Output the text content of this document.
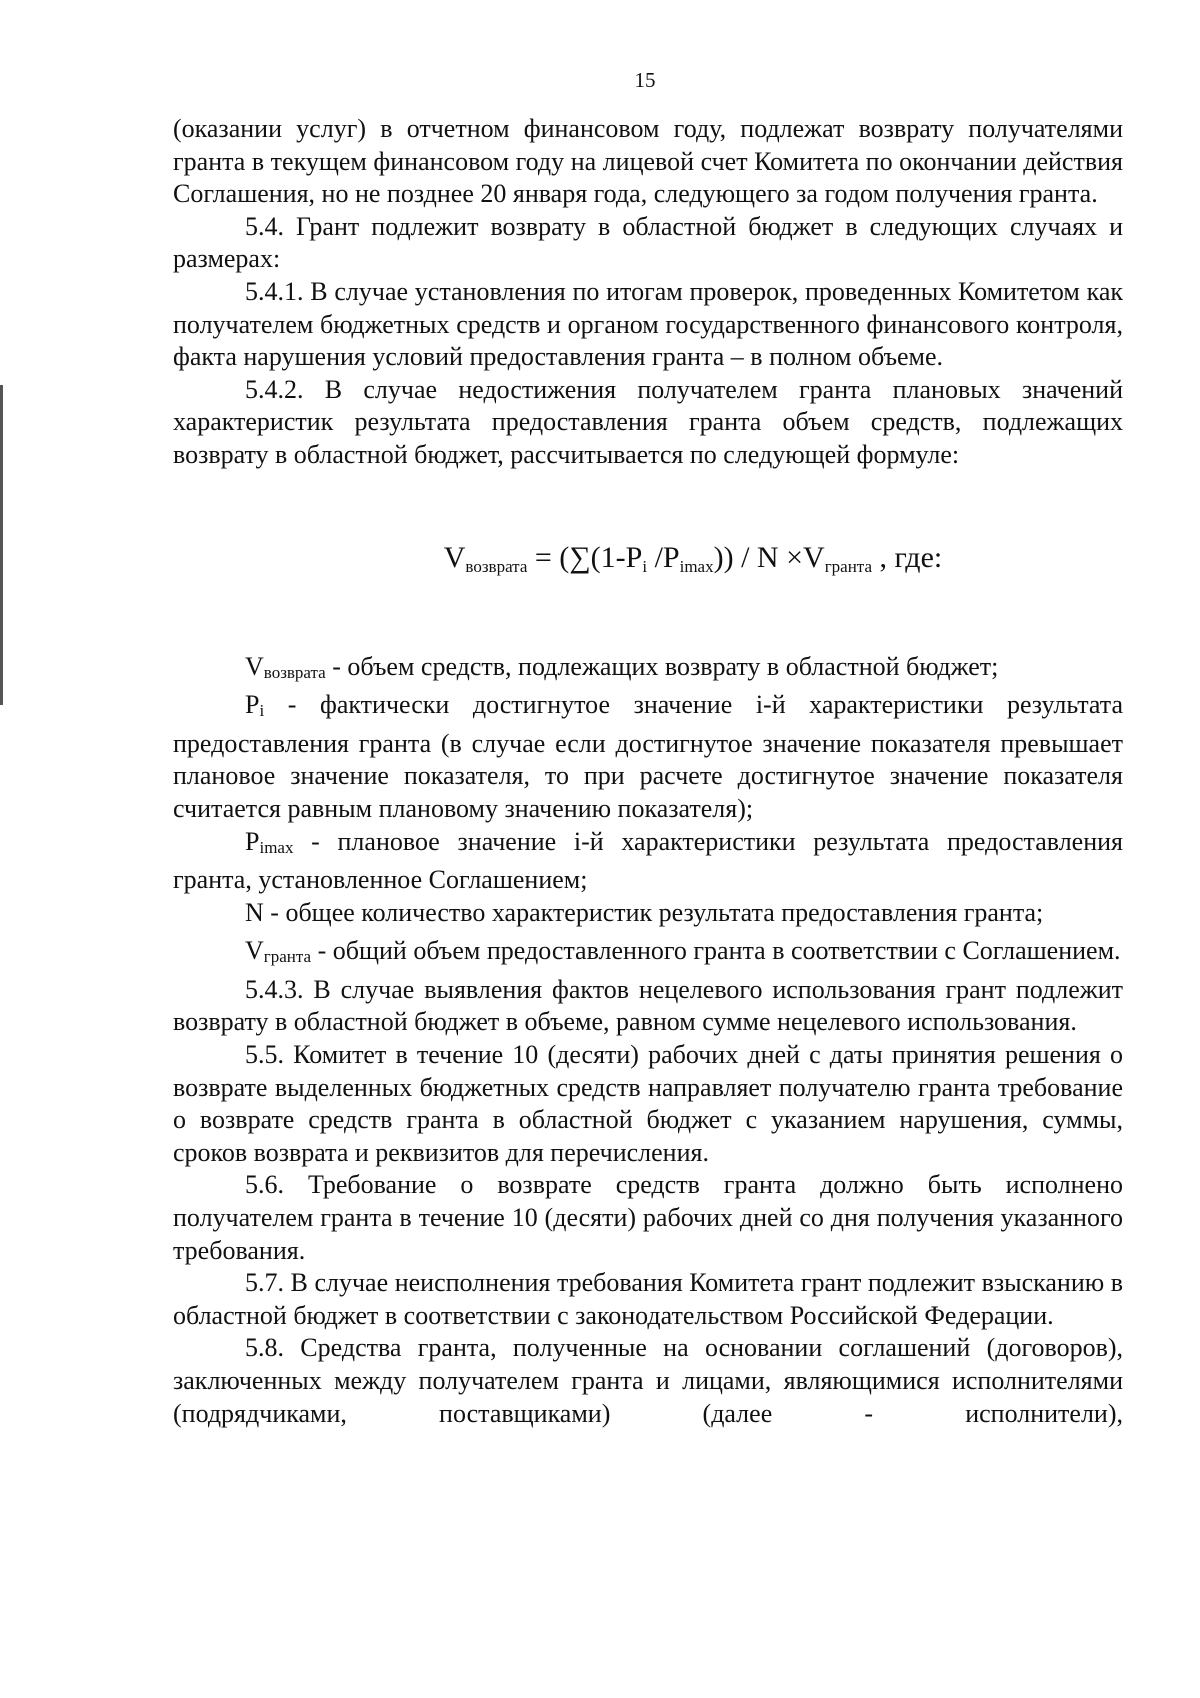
15

(оказании услуг) в отчетном финансовом году, подлежат возврату получателями гранта в текущем финансовом году на лицевой счет Комитета по окончании действия Соглашения, но не позднее 20 января года, следующего за годом получения гранта.

5.4. Грант подлежит возврату в областной бюджет в следующих случаях и размерах:

5.4.1. В случае установления по итогам проверок, проведенных Комитетом как получателем бюджетных средств и органом государственного финансового контроля, факта нарушения условий предоставления гранта – в полном объеме.

5.4.2. В случае недостижения получателем гранта плановых значений характеристик результата предоставления гранта объем средств, подлежащих возврату в областной бюджет, рассчитывается по следующей формуле:

$V_{возврата} = (\sum(1-P_i$ $/P_{imax})) / N \times V_{гранта}$ , где:

Vвозврата - объем средств, подлежащих возврату в областной бюджет;

Pi - фактически достигнутое значение i-й характеристики результата предоставления гранта (в случае если достигнутое значение показателя превышает плановое значение показателя, то при расчете достигнутое значение показателя считается равным плановому значению показателя);

Pimax - плановое значение i-й характеристики результата предоставления гранта, установленное Соглашением;

N - общее количество характеристик результата предоставления гранта;

Vгранта - общий объем предоставленного гранта в соответствии с Соглашением.

5.4.3. В случае выявления фактов нецелевого использования грант подлежит возврату в областной бюджет в объеме, равном сумме нецелевого использования.

5.5. Комитет в течение 10 (десяти) рабочих дней с даты принятия решения о возврате выделенных бюджетных средств направляет получателю гранта требование о возврате средств гранта в областной бюджет с указанием нарушения, суммы, сроков возврата и реквизитов для перечисления.

5.6. Требование о возврате средств гранта должно быть исполнено получателем гранта в течение 10 (десяти) рабочих дней со дня получения указанного требования.

5.7. В случае неисполнения требования Комитета грант подлежит взысканию в областной бюджет в соответствии с законодательством Российской Федерации.

5.8. Средства гранта, полученные на основании соглашений (договоров), заключенных между получателем гранта и лицами, являющимися исполнителями (подрядчиками, поставщиками) (далее - исполнители),
